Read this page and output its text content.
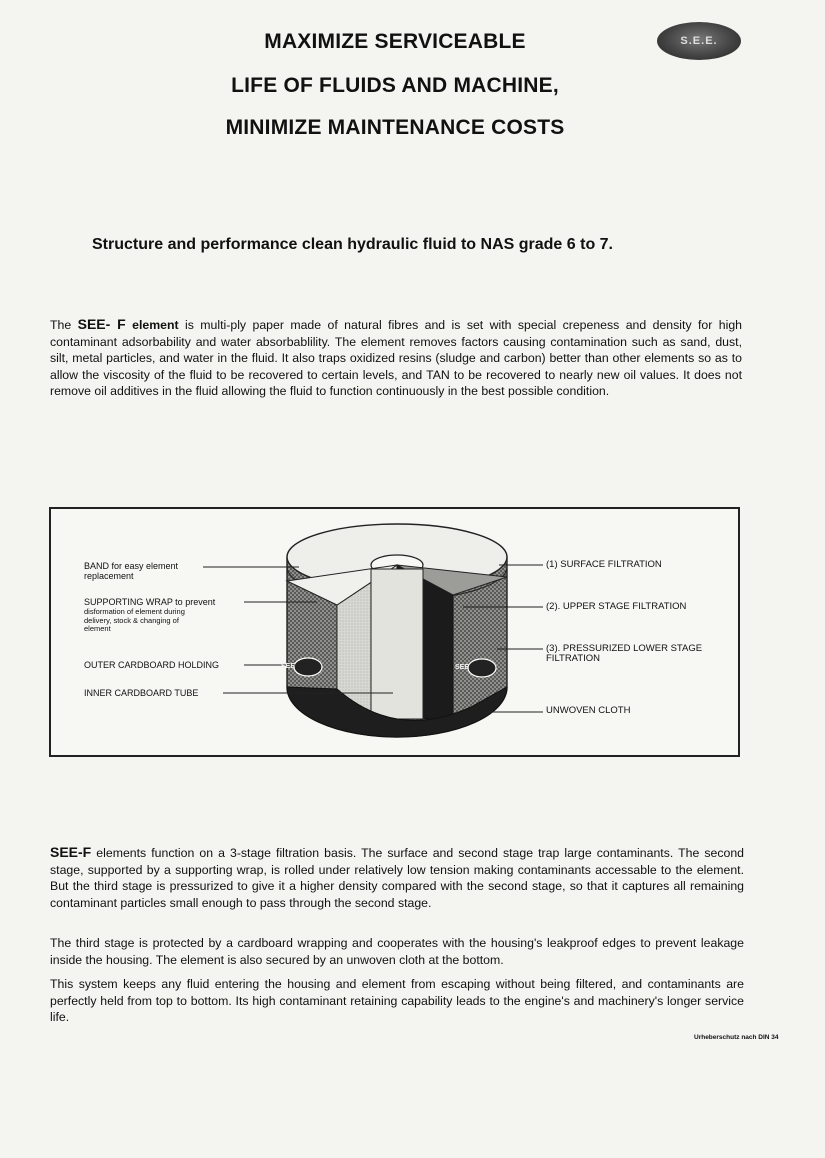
MAXIMIZE SERVICEABLE
LIFE OF FLUIDS AND MACHINE,
MINIMIZE MAINTENANCE COSTS
S.E.E.
Structure and performance clean hydraulic fluid to NAS grade 6 to 7.
The SEE- F element is multi-ply paper made of natural fibres and is set with special crepeness and density for high contaminant adsorbability and water absorbablility. The element removes factors causing contamination such as sand, dust, silt, metal particles, and water in the fluid. It also traps oxidized resins (sludge and carbon) better than other elements so as to allow the viscosity of the fluid to be recovered to certain levels, and TAN to be recovered to nearly new oil values. It does not remove oil additives in the fluid allowing the fluid to function continuously in the best possible condition.
SEE	SEE
BAND for easy element replacement
SUPPORTING WRAP to prevent
disformation of element during delivery, stock & changing of element
OUTER CARDBOARD HOLDING
INNER CARDBOARD TUBE
(1) SURFACE FILTRATION
(2). UPPER STAGE FILTRATION
(3). PRESSURIZED LOWER STAGE FILTRATION
UNWOVEN CLOTH
SEE-F elements function on a 3-stage filtration basis. The surface and second stage trap large contaminants. The second stage, supported by a supporting wrap, is rolled under relatively low tension making contaminants accessable to the element. But the third stage is pressurized to give it a higher density compared with the second stage, so that it captures all remaining contaminant particles small enough to pass through the second stage.
The third stage is protected by a cardboard wrapping and cooperates with the housing's leakproof edges to prevent leakage inside the housing. The element is also secured by an unwoven cloth at the bottom.
This system keeps any fluid entering the housing and element from escaping without being filtered, and contaminants are perfectly held from top to bottom. Its high contaminant retaining capability leads to the engine's and machinery's longer service life.
Urheberschutz nach DIN 34
